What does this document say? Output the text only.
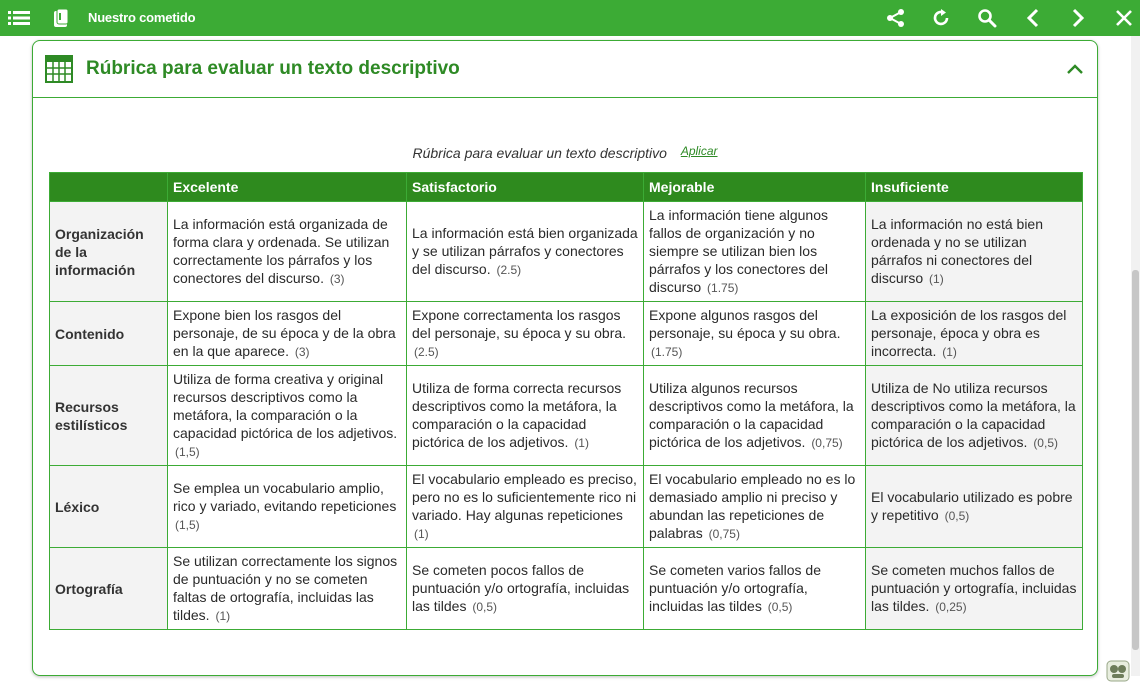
Nuestro cometido
Rúbrica para evaluar un texto descriptivo
Rúbrica para evaluar un texto descriptivo Aplicar
	Excelente	Satisfactorio	Mejorable	Insuficiente
Organización de la información	La información está organizada de forma clara y ordenada. Se utilizan correctamente los párrafos y los conectores del discurso. (3)	La información está bien organizada y se utilizan párrafos y conectores del discurso. (2.5)	La información tiene algunos fallos de organización y no siempre se utilizan bien los párrafos y los conectores del discurso (1.75)	La información no está bien ordenada y no se utilizan párrafos ni conectores del discurso (1)
Contenido	Expone bien los rasgos del personaje, de su época y de la obra en la que aparece. (3)	Expone correctamenta los rasgos del personaje, su época y su obra. (2.5)	Expone algunos rasgos del personaje, su época y su obra. (1.75)	La exposición de los rasgos del personaje, época y obra es incorrecta. (1)
Recursos estilísticos	Utiliza de forma creativa y original recursos descriptivos como la metáfora, la comparación o la capacidad pictórica de los adjetivos. (1,5)	Utiliza de forma correcta recursos descriptivos como la metáfora, la comparación o la capacidad pictórica de los adjetivos. (1)	Utiliza algunos recursos descriptivos como la metáfora, la comparación o la capacidad pictórica de los adjetivos. (0,75)	Utiliza de No utiliza recursos descriptivos como la metáfora, la comparación o la capacidad pictórica de los adjetivos. (0,5)
Léxico	Se emplea un vocabulario amplio, rico y variado, evitando repeticiones (1,5)	El vocabulario empleado es preciso, pero no es lo suficientemente rico ni variado. Hay algunas repeticiones (1)	El vocabulario empleado no es lo demasiado amplio ni preciso y abundan las repeticiones de palabras (0,75)	El vocabulario utilizado es pobre y repetitivo (0,5)
Ortografía	Se utilizan correctamente los signos de puntuación y no se cometen faltas de ortografía, incluidas las tildes. (1)	Se cometen pocos fallos de puntuación y/o ortografía, incluidas las tildes (0,5)	Se cometen varios fallos de puntuación y/o ortografía, incluidas las tildes (0,5)	Se cometen muchos fallos de puntuación y ortografía, incluidas las tildes. (0,25)
